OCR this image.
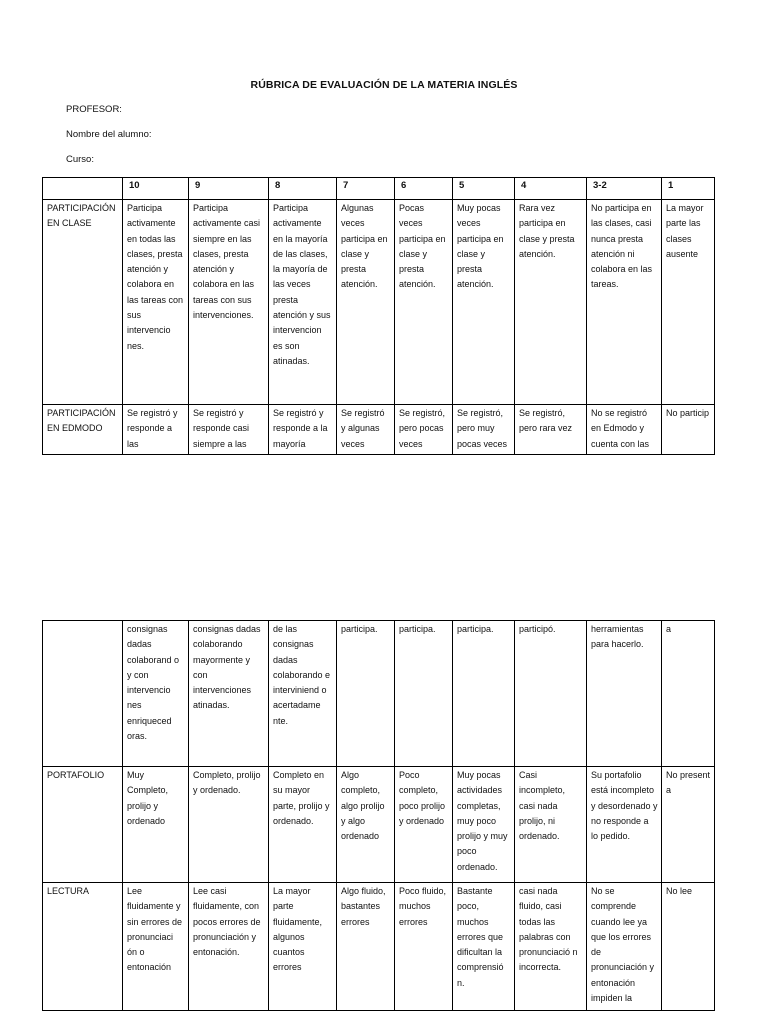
RÚBRICA DE EVALUACIÓN DE LA MATERIA INGLÉS
PROFESOR:
Nombre del alumno:
Curso:
	10	9	8	7	6	5	4	3-2	1
PARTICIPACIÓN EN CLASE	Participa activamente en todas las clases, presta atención y colabora en las tareas con sus intervencio nes.	Participa activamente casi siempre en las clases, presta atención y colabora en las tareas con sus intervenciones.	Participa activamente en la mayoría de las clases, la mayoría de las veces presta atención y sus intervencion es son atinadas.	Algunas veces participa en clase y presta atención.	Pocas veces participa en clase y presta atención.	Muy pocas veces participa en clase y presta atención.	Rara vez participa en clase y presta atención.	No participa en las clases, casi nunca presta atención ni colabora en las tareas.	La mayor parte las clases ausente
PARTICIPACIÓN EN EDMODO	Se registró y responde a las	Se registró y responde casi siempre a las	Se registró y responde a la mayoría	Se registró y algunas veces	Se registró, pero pocas veces	Se registró, pero muy pocas veces	Se registró, pero rara vez	No se registró en Edmodo y cuenta con las	No particip
	consignas dadas colaborand o y con intervencio nes enriqueced oras.	consignas dadas colaborando mayormente y con intervenciones atinadas.	de las consignas dadas colaborando e interviniend o acertadame nte.	participa.	participa.	participa.	participó.	herramientas para hacerlo.	a
PORTAFOLIO	Muy Completo, prolijo y ordenado	Completo, prolijo y ordenado.	Completo en su mayor parte, prolijo y ordenado.	Algo completo, algo prolijo y algo ordenado	Poco completo, poco prolijo y ordenado	Muy pocas actividades completas, muy poco prolijo y muy poco ordenado.	Casi incompleto, casi nada prolijo, ni ordenado.	Su portafolio está incompleto y desordenado y no responde a lo pedido.	No present a
LECTURA	Lee fluidamente y sin errores de pronunciaci ón o entonación	Lee casi fluidamente, con pocos errores de pronunciación y entonación.	La mayor parte fluidamente, algunos cuantos errores	Algo fluido, bastantes errores	Poco fluido, muchos errores	Bastante poco, muchos errores que dificultan la comprensió n.	casi nada fluido, casi todas las palabras con pronunciació n incorrecta.	No se comprende cuando lee ya que los errores de pronunciación y entonación impiden la	No lee
